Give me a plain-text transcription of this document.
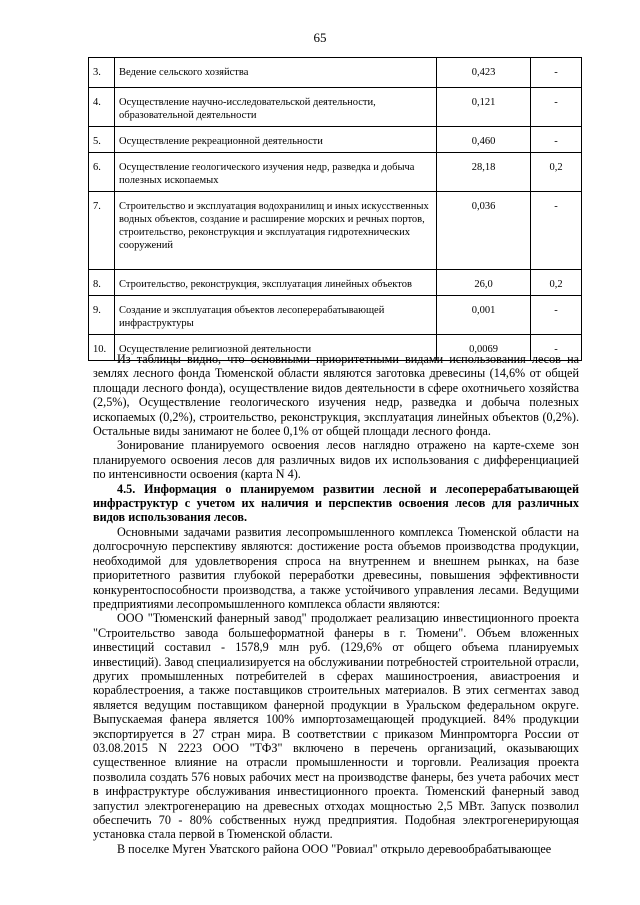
65
3.	Ведение сельского хозяйства	0,423	-
4.	Осуществление научно-исследовательской деятельности, образовательной деятельности	0,121	-
5.	Осуществление рекреационной деятельности	0,460	-
6.	Осуществление геологического изучения недр, разведка и добыча полезных ископаемых	28,18	0,2
7.	Строительство и эксплуатация водохранилищ и иных искусственных водных объектов, создание и расширение морских и речных портов, строительство, реконструкция и эксплуатация гидротехнических сооружений	0,036	-
8.	Строительство, реконструкция, эксплуатация линейных объектов	26,0	0,2
9.	Создание и эксплуатация объектов лесоперерабатывающей инфраструктуры	0,001	-
10.	Осуществление религиозной деятельности	0,0069	-

Из таблицы видно, что основными приоритетными видами использования лесов на землях лесного фонда Тюменской области являются заготовка древесины (14,6% от общей площади лесного фонда), осуществление видов деятельности в сфере охотничьего хозяйства (2,5%), Осуществление геологического изучения недр, разведка и добыча полезных ископаемых (0,2%), строительство, реконструкция, эксплуатация линейных объектов (0,2%). Остальные виды занимают не более 0,1% от общей площади лесного фонда.

Зонирование планируемого освоения лесов наглядно отражено на карте-схеме зон планируемого освоения лесов для различных видов их использования с дифференциацией по интенсивности освоения (карта N 4).

4.5. Информация о планируемом развитии лесной и лесоперерабатывающей инфраструктур с учетом их наличия и перспектив освоения лесов для различных видов использования лесов.

Основными задачами развития лесопромышленного комплекса Тюменской области на долгосрочную перспективу являются: достижение роста объемов производства продукции, необходимой для удовлетворения спроса на внутреннем и внешнем рынках, на базе приоритетного развития глубокой переработки древесины, повышения эффективности конкурентоспособности производства, а также устойчивого управления лесами. Ведущими предприятиями лесопромышленного комплекса области являются:

ООО "Тюменский фанерный завод" продолжает реализацию инвестиционного проекта "Строительство завода большеформатной фанеры в г. Тюмени". Объем вложенных инвестиций составил - 1578,9 млн руб. (129,6% от общего объема планируемых инвестиций). Завод специализируется на обслуживании потребностей строительной отрасли, других промышленных потребителей в сферах машиностроения, авиастроения и кораблестроения, а также поставщиков строительных материалов. В этих сегментах завод является ведущим поставщиком фанерной продукции в Уральском федеральном округе. Выпускаемая фанера является 100% импортозамещающей продукцией. 84% продукции экспортируется в 27 стран мира. В соответствии с приказом Минпромторга России от 03.08.2015 N 2223 ООО "ТФЗ" включено в перечень организаций, оказывающих существенное влияние на отрасли промышленности и торговли. Реализация проекта позволила создать 576 новых рабочих мест на производстве фанеры, без учета рабочих мест в инфраструктуре обслуживания инвестиционного проекта. Тюменский фанерный завод запустил электрогенерацию на древесных отходах мощностью 2,5 МВт. Запуск позволил обеспечить 70 - 80% собственных нужд предприятия. Подобная электрогенерирующая установка стала первой в Тюменской области.

В поселке Муген Уватского района ООО "Ровиал" открыло деревообрабатывающее
